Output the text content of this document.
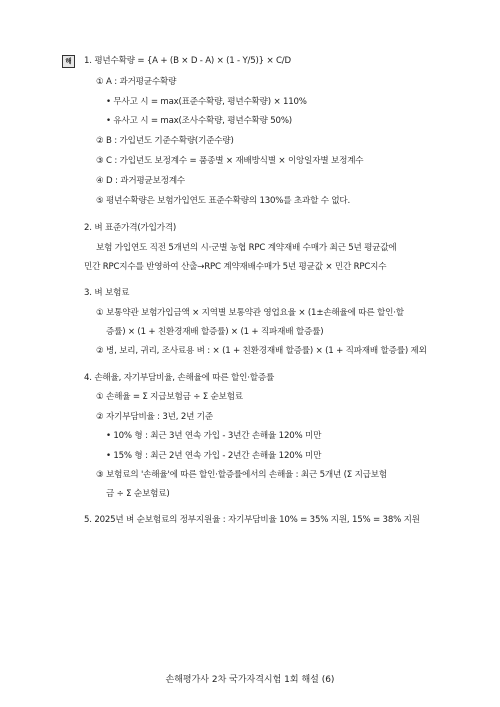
해	1. 평년수확량 = {A + (B × D - A) × (1 - Y/5)} × C/D
① A : 과거평균수확량
• 무사고 시 = max(표준수확량, 평년수확량) × 110%
• 유사고 시 = max(조사수확량, 평년수확량 50%)
② B : 가입년도 기준수확량(기준수량)
③ C : 가입년도 보정계수 = 품종별 × 재배방식별 × 이앙일자별 보정계수
④ D : 과거평균보정계수
⑤ 평년수확량은 보험가입연도 표준수확량의 130%를 초과할 수 없다.
2. 벼 표준가격(가입가격)
보험 가입연도 직전 5개년의 시·군별 농협 RPC 계약재배 수매가 최근 5년 평균값에
민간 RPC지수를 반영하여 산출→RPC 계약재배수매가 5년 평균값 × 민간 RPC지수
3. 벼 보험료
① 보통약관 보험가입금액 × 지역별 보통약관 영업요율 × (1±손해율에 따른 할인·할
증률) × (1 + 친환경재배 할증률) × (1 + 직파재배 할증률)
② 병, 보리, 귀리, 조사료용 벼 : × (1 + 친환경재배 할증률) × (1 + 직파재배 할증률) 제외
4. 손해율, 자기부담비율, 손해율에 따른 할인·할증률
① 손해율 = Σ 지급보험금 ÷ Σ 순보험료
② 자기부담비율 : 3년, 2년 기준
• 10% 형 : 최근 3년 연속 가입 - 3년간 손해율 120% 미만
• 15% 형 : 최근 2년 연속 가입 - 2년간 손해율 120% 미만
③ 보험료의 '손해율'에 따른 할인·할증률에서의 손해율 : 최근 5개년 (Σ 지급보험
금 ÷ Σ 순보험료)
5. 2025년 벼 순보험료의 정부지원율 : 자기부담비율 10% = 35% 지원, 15% = 38% 지원
손해평가사 2차 국가자격시험 1회 해설 (6)
